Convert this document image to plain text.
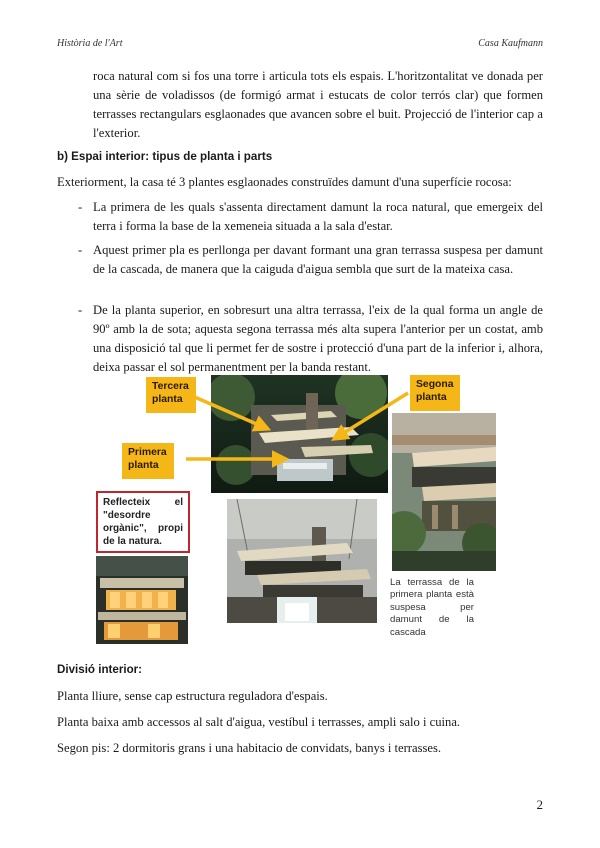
Història de l'Art	Casa Kaufmann
roca natural com si fos una torre i articula tots els espais. L'horitzontalitat ve donada per una sèrie de voladissos (de formigó armat i estucats de color terrós clar) que formen terrasses rectangulars esglaonades que avancen sobre el buit. Projecció de l'interior cap a l'exterior.
b) Espai interior: tipus de planta i parts
Exteriorment, la casa té 3 plantes esglaonades construïdes damunt d'una superfície rocosa:
- La primera de les quals s'assenta directament damunt la roca natural, que emergeix del terra i forma la base de la xemeneia situada a la sala d'estar.
- Aquest primer pla es perllonga per davant formant una gran terrassa suspesa per damunt de la cascada, de manera que la caiguda d'aigua sembla que surt de la mateixa casa.
- De la planta superior, en sobresurt una altra terrassa, l'eix de la qual forma un angle de 90º amb la de sota; aquesta segona terrassa més alta supera l'anterior per un costat, amb una disposició tal que li permet fer de sostre i protecció d'una part de la inferior i, alhora, deixa passar el sol permanentment per la banda restant.
Tercera planta
Segona planta
Primera planta
Reflecteix el "desordre orgànic", propi de la natura.
La terrassa de la primera planta està suspesa per damunt de la cascada
Divisió interior:
Planta lliure, sense cap estructura reguladora d'espais.
Planta baixa amb accessos al salt d'aigua, vestíbul i terrasses, ampli salo i cuina.
Segon pis: 2 dormitoris grans i una habitacio de convidats, banys i terrasses.
2
